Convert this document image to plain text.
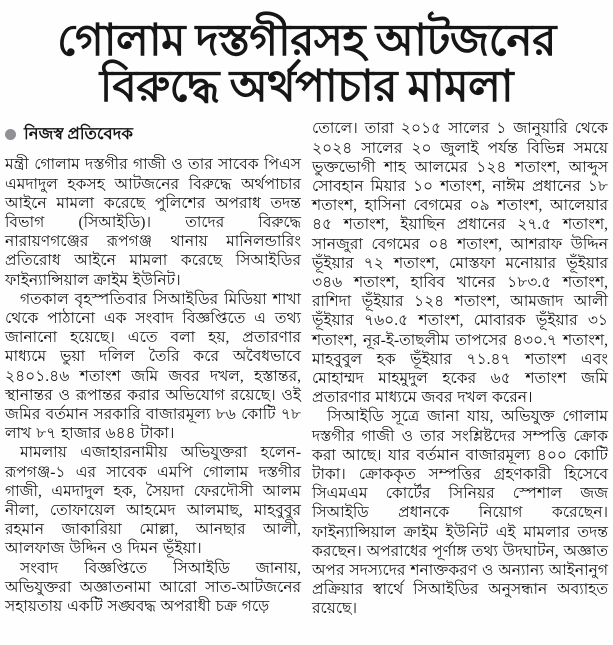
গোলাম দস্তগীরসহ আটজনের
বিরুদ্ধে অর্থপাচার মামলা
নিজস্ব প্রতিবেদক

মন্ত্রী গোলাম দস্তগীর গাজী ও তার সাবেক পিএস এমদাদুল হকসহ আটজনের বিরুদ্ধে অর্থপাচার আইনে মামলা করেছে পুলিশের অপরাধ তদন্ত বিভাগ (সিআইডি)। তাদের বিরুদ্ধে নারায়ণগঞ্জের রূপগঞ্জ থানায় মানিলন্ডারিং প্রতিরোধ আইনে মামলা করেছে সিআইডির ফাইন্যান্সিয়াল ক্রাইম ইউনিট।

গতকাল বৃহস্পতিবার সিআইডির মিডিয়া শাখা থেকে পাঠানো এক সংবাদ বিজ্ঞপ্তিতে এ তথ্য জানানো হয়েছে। এতে বলা হয়, প্রতারণার মাধ্যমে ভুয়া দলিল তৈরি করে অবৈধভাবে ২৪০১.৪৬ শতাংশ জমি জবর দখল, হস্তান্তর, স্থানান্তর ও রূপান্তর করার অভিযোগ রয়েছে। ওই জমির বর্তমান সরকারি বাজারমূল্য ৮৬ কোটি ৭৮ লাখ ৮৭ হাজার ৬৪৪ টাকা।

মামলায় এজাহারনামীয় অভিযুক্তরা হলেন- রূপগঞ্জ-১ এর সাবেক এমপি গোলাম দস্তগীর গাজী, এমদাদুল হক, সৈয়দা ফেরদৌসী আলম নীলা, তোফায়েল আহমেদ আলমাছ, মাহবুবুর রহমান জাকারিয়া মোল্লা, আনছার আলী, আলফাজ উদ্দিন ও দিমন ভূঁইয়া।

সংবাদ বিজ্ঞপ্তিতে সিআইডি জানায়, অভিযুক্তরা অজ্ঞাতনামা আরো সাত-আটজনের সহায়তায় একটি সঙ্ঘবদ্ধ অপরাধী চক্র গড়ে

তোলে। তারা ২০১৫ সালের ১ জানুয়ারি থেকে ২০২৪ সালের ২০ জুলাই পর্যন্ত বিভিন্ন সময়ে ভুক্তভোগী শাহ আলমের ১২৪ শতাংশ, আব্দুস সোবহান মিয়ার ১০ শতাংশ, নাঈম প্রধানের ১৮ শতাংশ, হাসিনা বেগমের ০৯ শতাংশ, আলেয়ার ৪৫ শতাংশ, ইয়াছিন প্রধানের ২৭.৫ শতাংশ, সানজুরা বেগমের ০৪ শতাংশ, আশরাফ উদ্দিন ভূঁইয়ার ৭২ শতাংশ, মোস্তফা মনোয়ার ভূঁইয়ার ৩৪৬ শতাংশ, হাবিব খানের ১৮৩.৫ শতাংশ, রাশিদা ভূঁইয়ার ১২৪ শতাংশ, আমজাদ আলী ভূঁইয়ার ৭৬০.৫ শতাংশ, মোবারক ভূঁইয়ার ৩১ শতাংশ, নূর-ই-তাছলীম তাপসের ৪৩০.৭ শতাংশ, মাহবুবুল হক ভূঁইয়ার ৭১.৪৭ শতাংশ এবং মোহাম্মদ মাহমুদুল হকের ৬৫ শতাংশ জমি প্রতারণার মাধ্যমে জবর দখল করেন।

সিআইডি সূত্রে জানা যায়, অভিযুক্ত গোলাম দস্তগীর গাজী ও তার সংশ্লিষ্টদের সম্পত্তি ক্রোক করা আছে। যার বর্তমান বাজারমূল্য ৪০০ কোটি টাকা। ক্রোককৃত সম্পত্তির গ্রহণকারী হিসেবে সিএমএম কোর্টের সিনিয়র স্পেশাল জজ সিআইডি প্রধানকে নিয়োগ করেছেন। ফাইন্যান্সিয়াল ক্রাইম ইউনিট এই মামলার তদন্ত করছেন। অপরাধের পূর্ণাঙ্গ তথ্য উদঘাটন, অজ্ঞাত অপর সদস্যদের শনাক্তকরণ ও অন্যান্য আইনানুগ প্রক্রিয়ার স্বার্থে সিআইডির অনুসন্ধান অব্যাহত রয়েছে।
